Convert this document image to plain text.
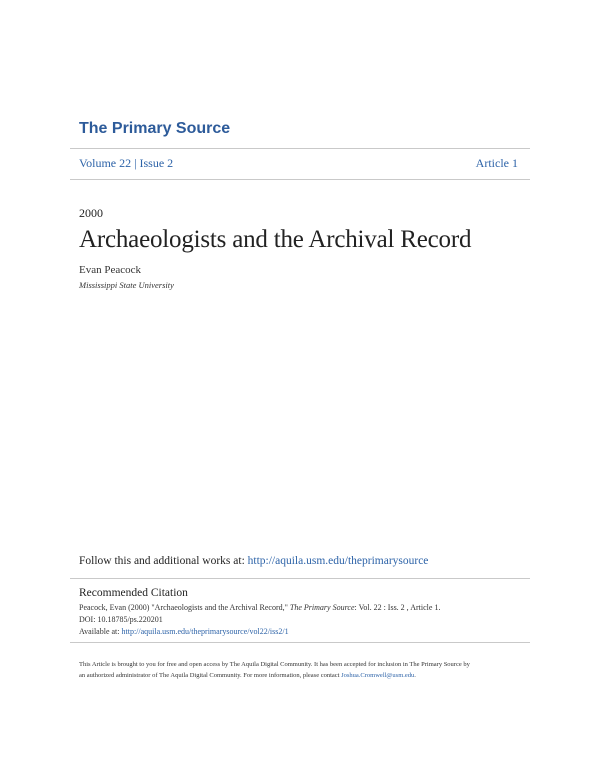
The Primary Source
Volume 22 | Issue 2	Article 1
2000
Archaeologists and the Archival Record
Evan Peacock
Mississippi State University
Follow this and additional works at: http://aquila.usm.edu/theprimarysource
Recommended Citation
Peacock, Evan (2000) "Archaeologists and the Archival Record," The Primary Source: Vol. 22 : Iss. 2 , Article 1.
DOI: 10.18785/ps.220201
Available at: http://aquila.usm.edu/theprimarysource/vol22/iss2/1
This Article is brought to you for free and open access by The Aquila Digital Community. It has been accepted for inclusion in The Primary Source by
an authorized administrator of The Aquila Digital Community. For more information, please contact Joshua.Cromwell@usm.edu.
